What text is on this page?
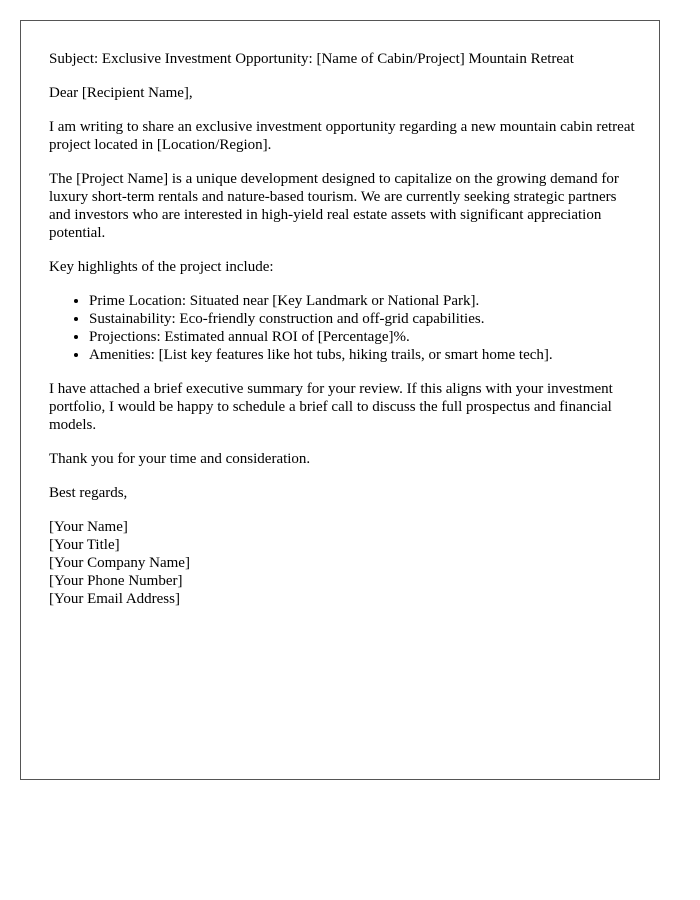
Subject: Exclusive Investment Opportunity: [Name of Cabin/Project] Mountain Retreat

Dear [Recipient Name],

I am writing to share an exclusive investment opportunity regarding a new mountain cabin retreat project located in [Location/Region].

The [Project Name] is a unique development designed to capitalize on the growing demand for luxury short-term rentals and nature-based tourism. We are currently seeking strategic partners and investors who are interested in high-yield real estate assets with significant appreciation potential.

Key highlights of the project include:

• Prime Location: Situated near [Key Landmark or National Park].
• Sustainability: Eco-friendly construction and off-grid capabilities.
• Projections: Estimated annual ROI of [Percentage]%.
• Amenities: [List key features like hot tubs, hiking trails, or smart home tech].

I have attached a brief executive summary for your review. If this aligns with your investment portfolio, I would be happy to schedule a brief call to discuss the full prospectus and financial models.

Thank you for your time and consideration.

Best regards,

[Your Name]
[Your Title]
[Your Company Name]
[Your Phone Number]
[Your Email Address]
